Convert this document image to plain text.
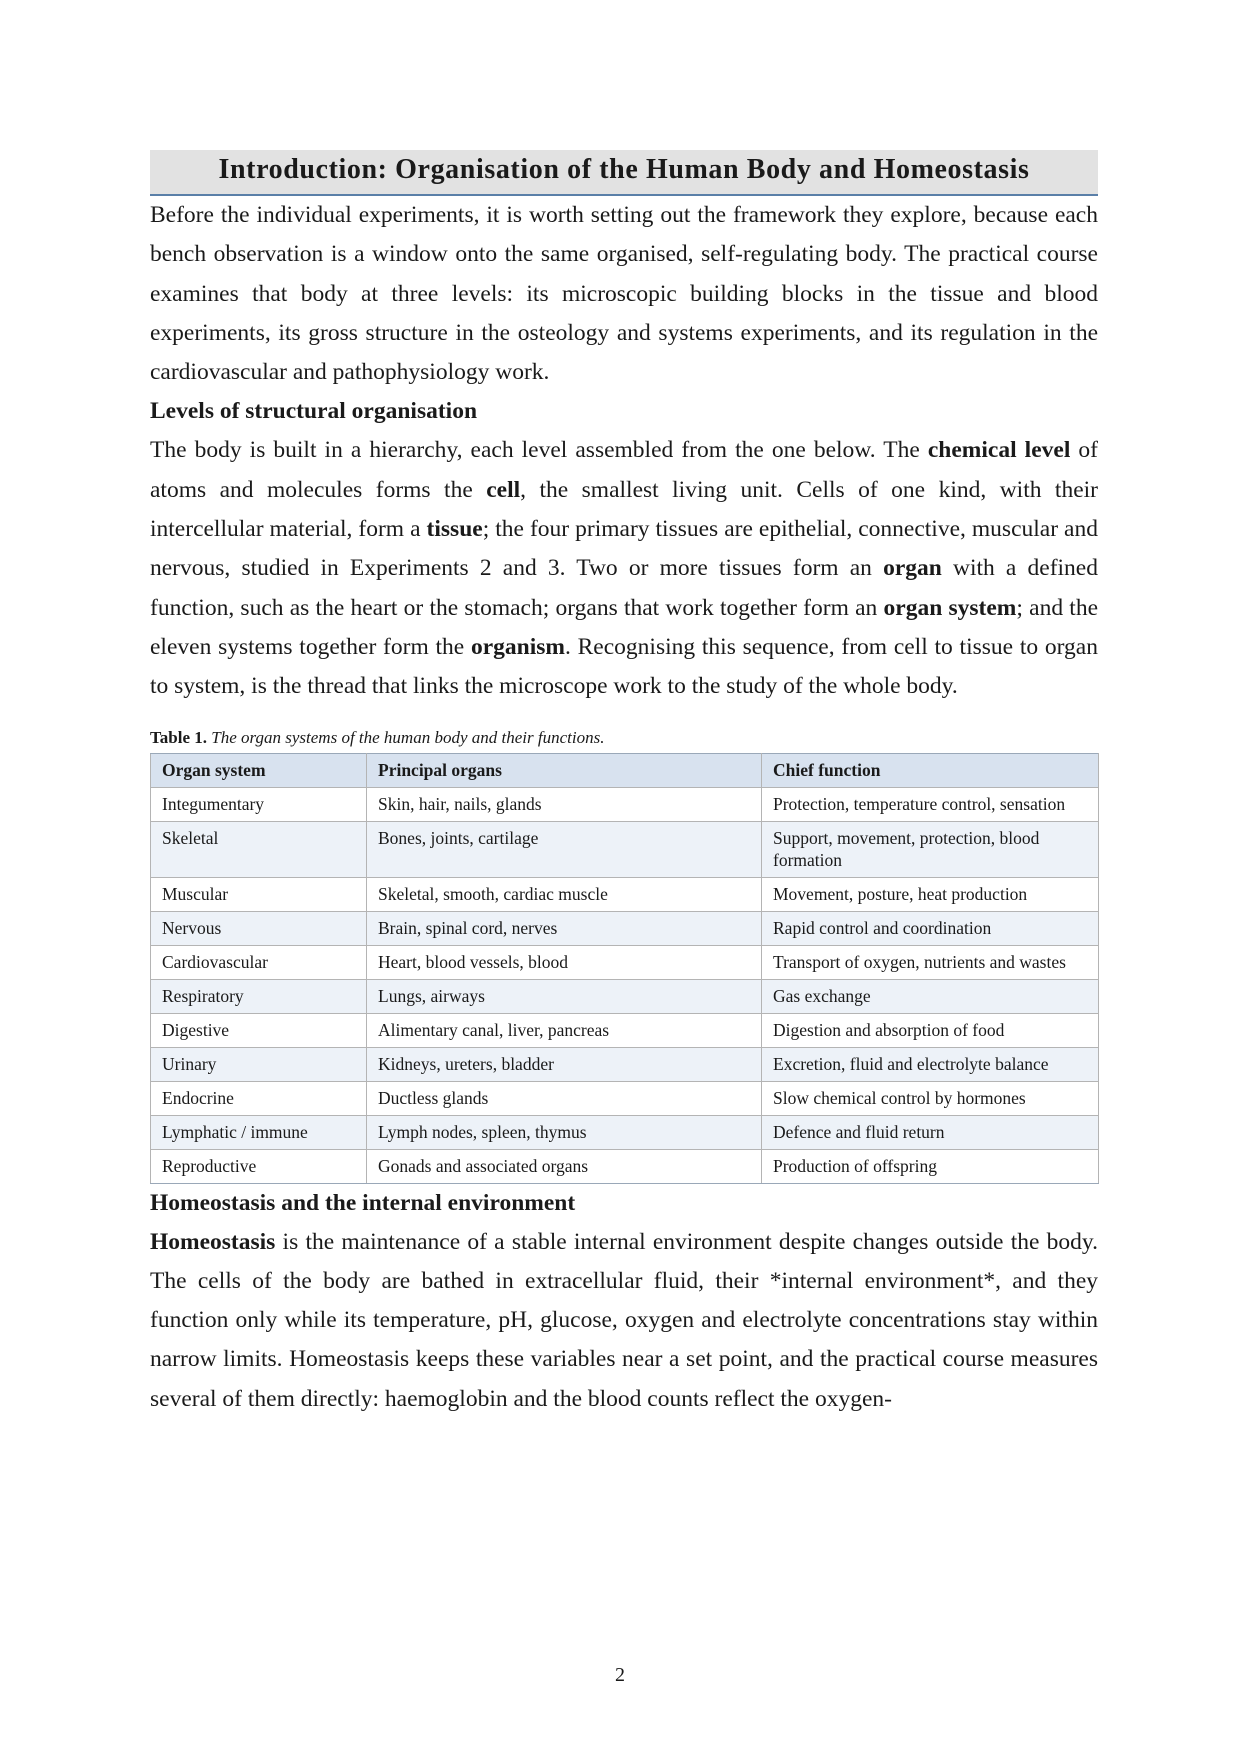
Introduction: Organisation of the Human Body and Homeostasis

Before the individual experiments, it is worth setting out the framework they explore, because each bench observation is a window onto the same organised, self-regulating body. The practical course examines that body at three levels: its microscopic building blocks in the tissue and blood experiments, its gross structure in the osteology and systems experiments, and its regulation in the cardiovascular and pathophysiology work.

Levels of structural organisation

The body is built in a hierarchy, each level assembled from the one below. The chemical level of atoms and molecules forms the cell, the smallest living unit. Cells of one kind, with their intercellular material, form a tissue; the four primary tissues are epithelial, connective, muscular and nervous, studied in Experiments 2 and 3. Two or more tissues form an organ with a defined function, such as the heart or the stomach; organs that work together form an organ system; and the eleven systems together form the organism. Recognising this sequence, from cell to tissue to organ to system, is the thread that links the microscope work to the study of the whole body.

Table 1. The organ systems of the human body and their functions.
Organ system	Principal organs	Chief function
Integumentary	Skin, hair, nails, glands	Protection, temperature control, sensation
Skeletal	Bones, joints, cartilage	Support, movement, protection, blood formation
Muscular	Skeletal, smooth, cardiac muscle	Movement, posture, heat production
Nervous	Brain, spinal cord, nerves	Rapid control and coordination
Cardiovascular	Heart, blood vessels, blood	Transport of oxygen, nutrients and wastes
Respiratory	Lungs, airways	Gas exchange
Digestive	Alimentary canal, liver, pancreas	Digestion and absorption of food
Urinary	Kidneys, ureters, bladder	Excretion, fluid and electrolyte balance
Endocrine	Ductless glands	Slow chemical control by hormones
Lymphatic / immune	Lymph nodes, spleen, thymus	Defence and fluid return
Reproductive	Gonads and associated organs	Production of offspring
Homeostasis and the internal environment

Homeostasis is the maintenance of a stable internal environment despite changes outside the body. The cells of the body are bathed in extracellular fluid, their *internal environment*, and they function only while its temperature, pH, glucose, oxygen and electrolyte concentrations stay within narrow limits. Homeostasis keeps these variables near a set point, and the practical course measures several of them directly: haemoglobin and the blood counts reflect the oxygen-

2
